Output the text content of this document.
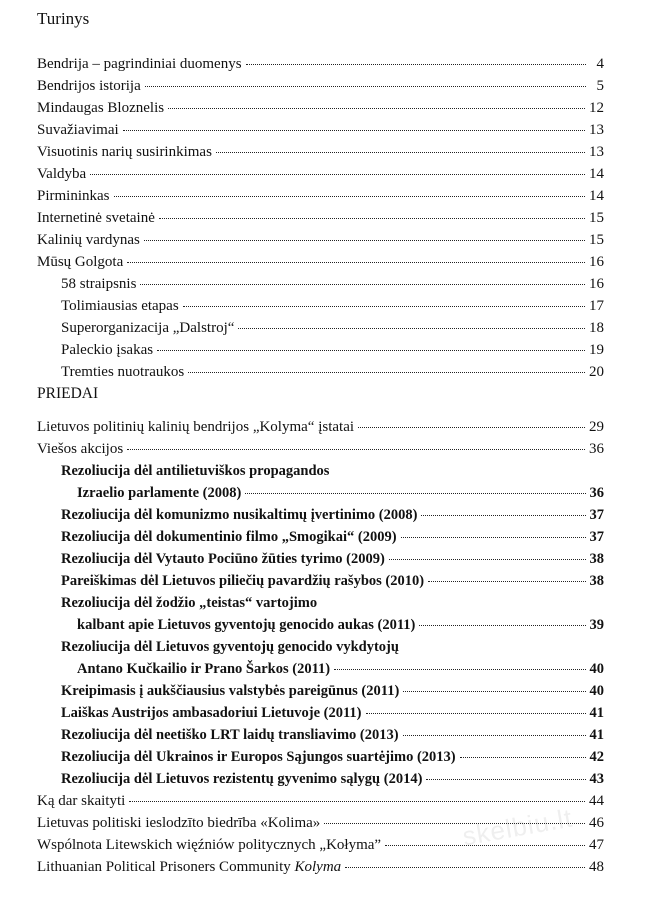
Turinys
Bendrija – pagrindiniai duomenys	4
Bendrijos istorija	5
Mindaugas Bloznelis	12
Suvažiavimai	13
Visuotinis narių susirinkimas	13
Valdyba	14
Pirmininkas	14
Internetinė svetainė	15
Kalinių vardynas	15
Mūsų Golgota	16
58 straipsnis	16
Tolimiausias etapas	17
Superorganizacija „Dalstroj“	18
Paleckio įsakas	19
Tremties nuotraukos	20
PRIEDAI
Lietuvos politinių kalinių bendrijos „Kolyma“ įstatai	29
Viešos akcijos	36
Rezoliucija dėl antilietuviškos propagandos
Izraelio parlamente (2008)	36
Rezoliucija dėl komunizmo nusikaltimų įvertinimo (2008)	37
Rezoliucija dėl dokumentinio filmo „Smogikai“ (2009)	37
Rezoliucija dėl Vytauto Pociūno žūties tyrimo (2009)	38
Pareiškimas dėl Lietuvos piliečių pavardžių rašybos (2010)	38
Rezoliucija dėl žodžio „teistas“ vartojimo
kalbant apie Lietuvos gyventojų genocido aukas (2011)	39
Rezoliucija dėl Lietuvos gyventojų genocido vykdytojų
Antano Kučkailio ir Prano Šarkos (2011)	40
Kreipimasis į aukščiausius valstybės pareigūnus (2011)	40
Laiškas Austrijos ambasadoriui Lietuvoje (2011)	41
Rezoliucija dėl neetiško LRT laidų transliavimo (2013)	41
Rezoliucija dėl Ukrainos ir Europos Sąjungos suartėjimo (2013)	42
Rezoliucija dėl Lietuvos rezistentų gyvenimo sąlygų (2014)	43
Ką dar skaityti	44
Lietuvas politiski ieslodzīto biedrība «Kolima»	46
Wspólnota Litewskich więźniów politycznych „Kołyma”	47
Lithuanian Political Prisoners Community Kolyma	48
skelbiu.lt
